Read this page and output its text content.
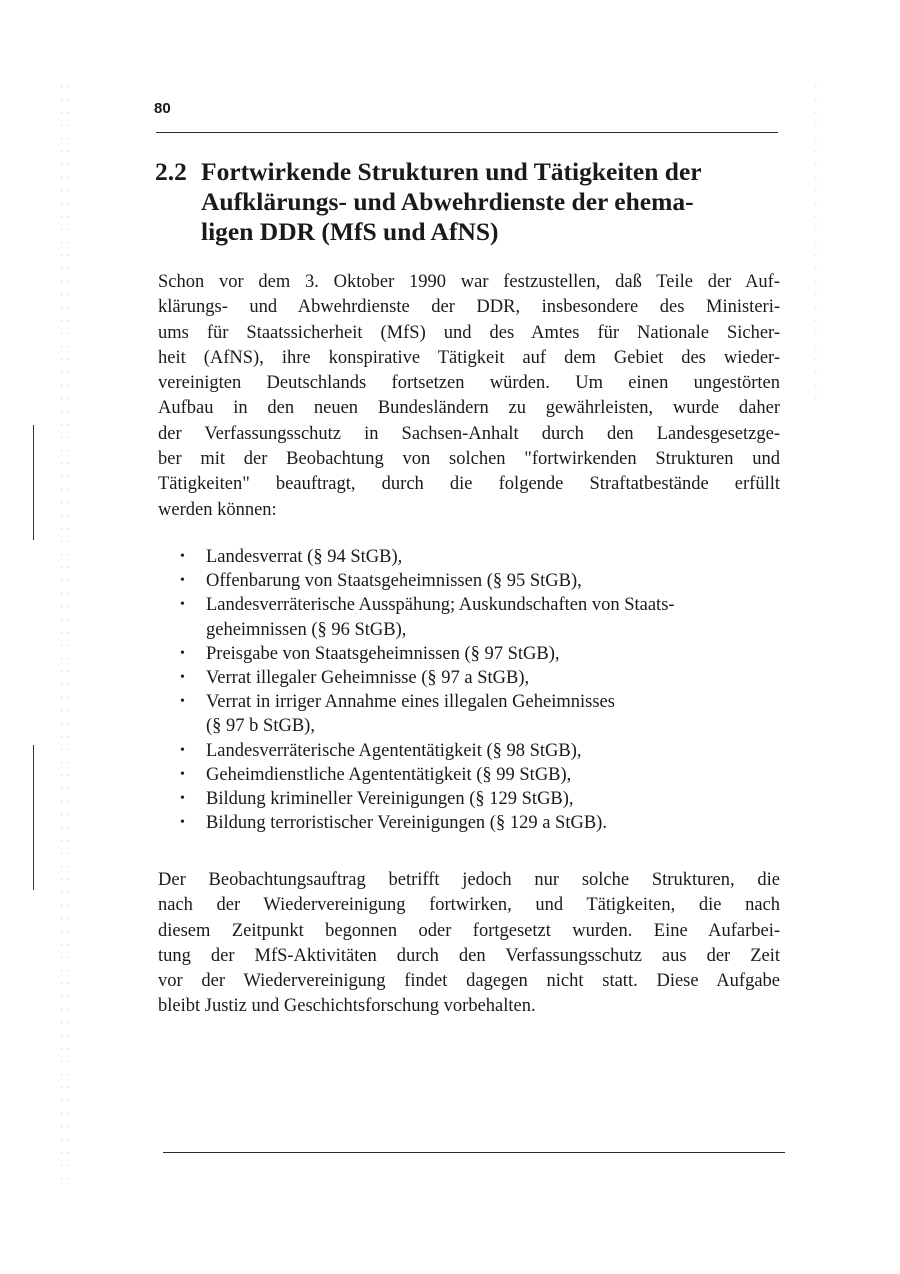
80
2.2 Fortwirkende Strukturen und Tätigkeiten der
Aufklärungs- und Abwehrdienste der ehema-
ligen DDR (MfS und AfNS)

Schon vor dem 3. Oktober 1990 war festzustellen, daß Teile der Auf-
klärungs- und Abwehrdienste der DDR, insbesondere des Ministeri-
ums für Staatssicherheit (MfS) und des Amtes für Nationale Sicher-
heit (AfNS), ihre konspirative Tätigkeit auf dem Gebiet des wieder-
vereinigten Deutschlands fortsetzen würden. Um einen ungestörten
Aufbau in den neuen Bundesländern zu gewährleisten, wurde daher
der Verfassungsschutz in Sachsen-Anhalt durch den Landesgesetzge-
ber mit der Beobachtung von solchen "fortwirkenden Strukturen und
Tätigkeiten" beauftragt, durch die folgende Straftatbestände erfüllt
werden können:

• Landesverrat (§ 94 StGB),
• Offenbarung von Staatsgeheimnissen (§ 95 StGB),
• Landesverräterische Ausspähung; Auskundschaften von Staats-
geheimnissen (§ 96 StGB),
• Preisgabe von Staatsgeheimnissen (§ 97 StGB),
• Verrat illegaler Geheimnisse (§ 97 a StGB),
• Verrat in irriger Annahme eines illegalen Geheimnisses
(§ 97 b StGB),
• Landesverräterische Agententätigkeit (§ 98 StGB),
• Geheimdienstliche Agententätigkeit (§ 99 StGB),
• Bildung krimineller Vereinigungen (§ 129 StGB),
• Bildung terroristischer Vereinigungen (§ 129 a StGB).

Der Beobachtungsauftrag betrifft jedoch nur solche Strukturen, die
nach der Wiedervereinigung fortwirken, und Tätigkeiten, die nach
diesem Zeitpunkt begonnen oder fortgesetzt wurden. Eine Aufarbei-
tung der MfS-Aktivitäten durch den Verfassungsschutz aus der Zeit
vor der Wiedervereinigung findet dagegen nicht statt. Diese Aufgabe
bleibt Justiz und Geschichtsforschung vorbehalten.
